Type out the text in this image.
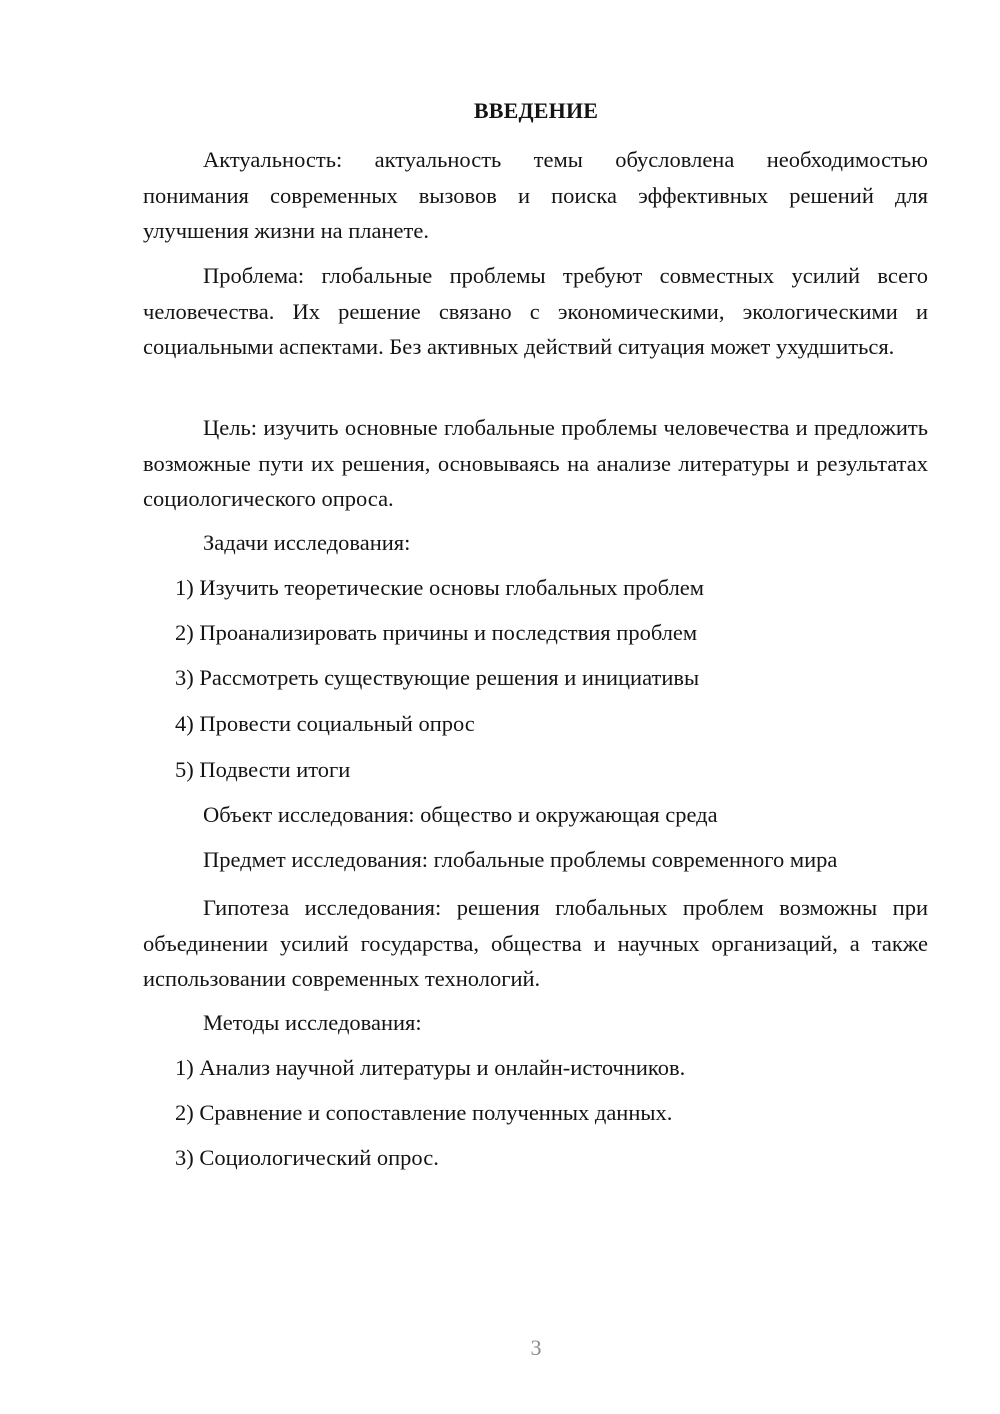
ВВЕДЕНИЕ

Актуальность: актуальность темы обусловлена необходимостью понимания современных вызовов и поиска эффективных решений для улучшения жизни на планете.

Проблема: глобальные проблемы требуют совместных усилий всего человечества. Их решение связано с экономическими, экологическими и социальными аспектами. Без активных действий ситуация может ухудшиться.

Цель: изучить основные глобальные проблемы человечества и предложить возможные пути их решения, основываясь на анализе литературы и результатах социологического опроса.

Задачи исследования:

1) Изучить теоретические основы глобальных проблем

2) Проанализировать причины и последствия проблем

3) Рассмотреть существующие решения и инициативы

4) Провести социальный опрос

5) Подвести итоги

Объект исследования: общество и окружающая среда

Предмет исследования: глобальные проблемы современного мира

Гипотеза исследования: решения глобальных проблем возможны при объединении усилий государства, общества и научных организаций, а также использовании современных технологий.

Методы исследования:

1) Анализ научной литературы и онлайн-источников.

2) Сравнение и сопоставление полученных данных.

3) Социологический опрос.

3
